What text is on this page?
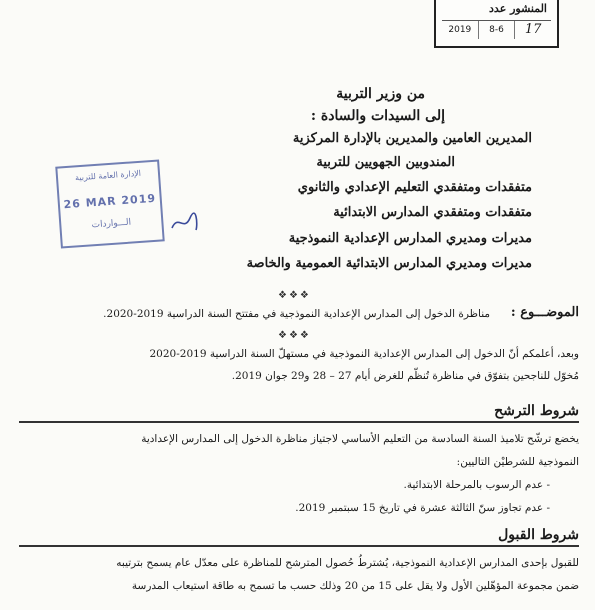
المنشور عدد
2019	8-6	17
من وزير التربية
إلى السيدات والسادة :
المديرين العامين والمديرين بالإدارة المركزية
المندوبين الجهويين للتربية
متفقدات ومتفقدي التعليم الإعدادي والثانوي
متفقدات ومتفقدي المدارس الابتدائية
مديرات ومديري المدارس الإعدادية النموذجية
مديرات ومديري المدارس الابتدائية العمومية والخاصة
الإدارة العامة للتربية
26 MAR 2019
الـــواردات
❖❖❖
الموضـــوع :
مناظرة الدخول إلى المدارس الإعدادية النموذجية في مفتتح السنة الدراسية 2019-2020.
❖❖❖
وبعد، أعلمكم أنّ الدخول إلى المدارس الإعدادية النموذجية في مستهلّ السنة الدراسية 2019-2020
مُخوّل للناجحين بتفوّق في مناظرة تُنظّم للغرض أيام 27 – 28 و29 جوان 2019.
شروط الترشح
يخضع ترشّح تلاميذ السنة السادسة من التعليم الأساسي لاجتياز مناظرة الدخول إلى المدارس الإعدادية
النموذجية للشرطيْن التاليين:
- عدم الرسوب بالمرحلة الابتدائية.
- عدم تجاوز سنّ الثالثة عشرة في تاريخ 15 سبتمبر 2019.
شروط القبول
للقبول بإحدى المدارس الإعدادية النموذجية، يُشترطُ حُصول المترشح للمناظرة على معدّل عام يسمح بترتيبه
ضمن مجموعة المؤهّلين الأول ولا يقل على 15 من 20 وذلك حسب ما تسمح به طاقة استيعاب المدرسة
